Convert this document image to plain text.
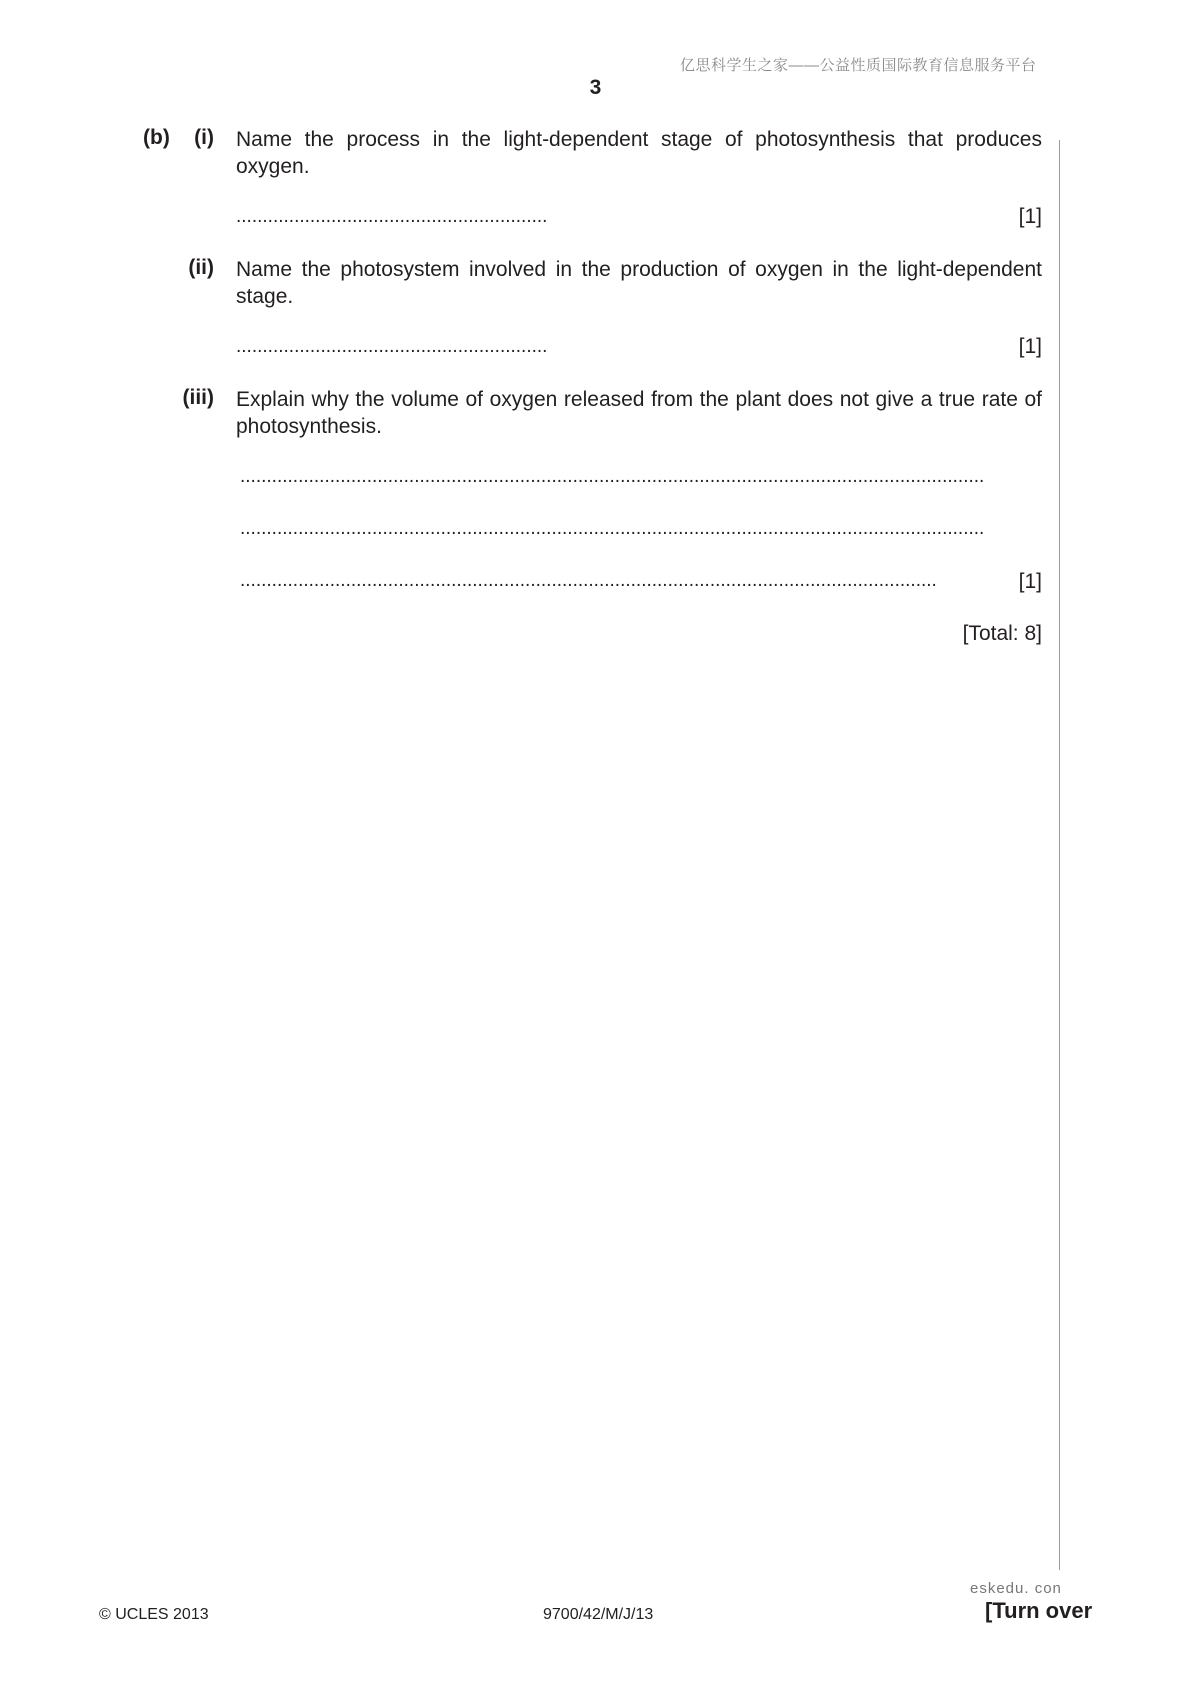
亿思科学生之家——公益性质国际教育信息服务平台
3
(b)	(i) Name the process in the light-dependent stage of photosynthesis that produces oxygen.
...........................................................	[1]
(ii) Name the photosystem involved in the production of oxygen in the light-dependent stage.
...........................................................	[1]
(iii) Explain why the volume of oxygen released from the plant does not give a true rate of photosynthesis.
.............................................................................................................................................
.............................................................................................................................................
....................................................................................................................................	[1]
[Total: 8]
© UCLES 2013	9700/42/M/J/13
eskedu. con
[Turn over
